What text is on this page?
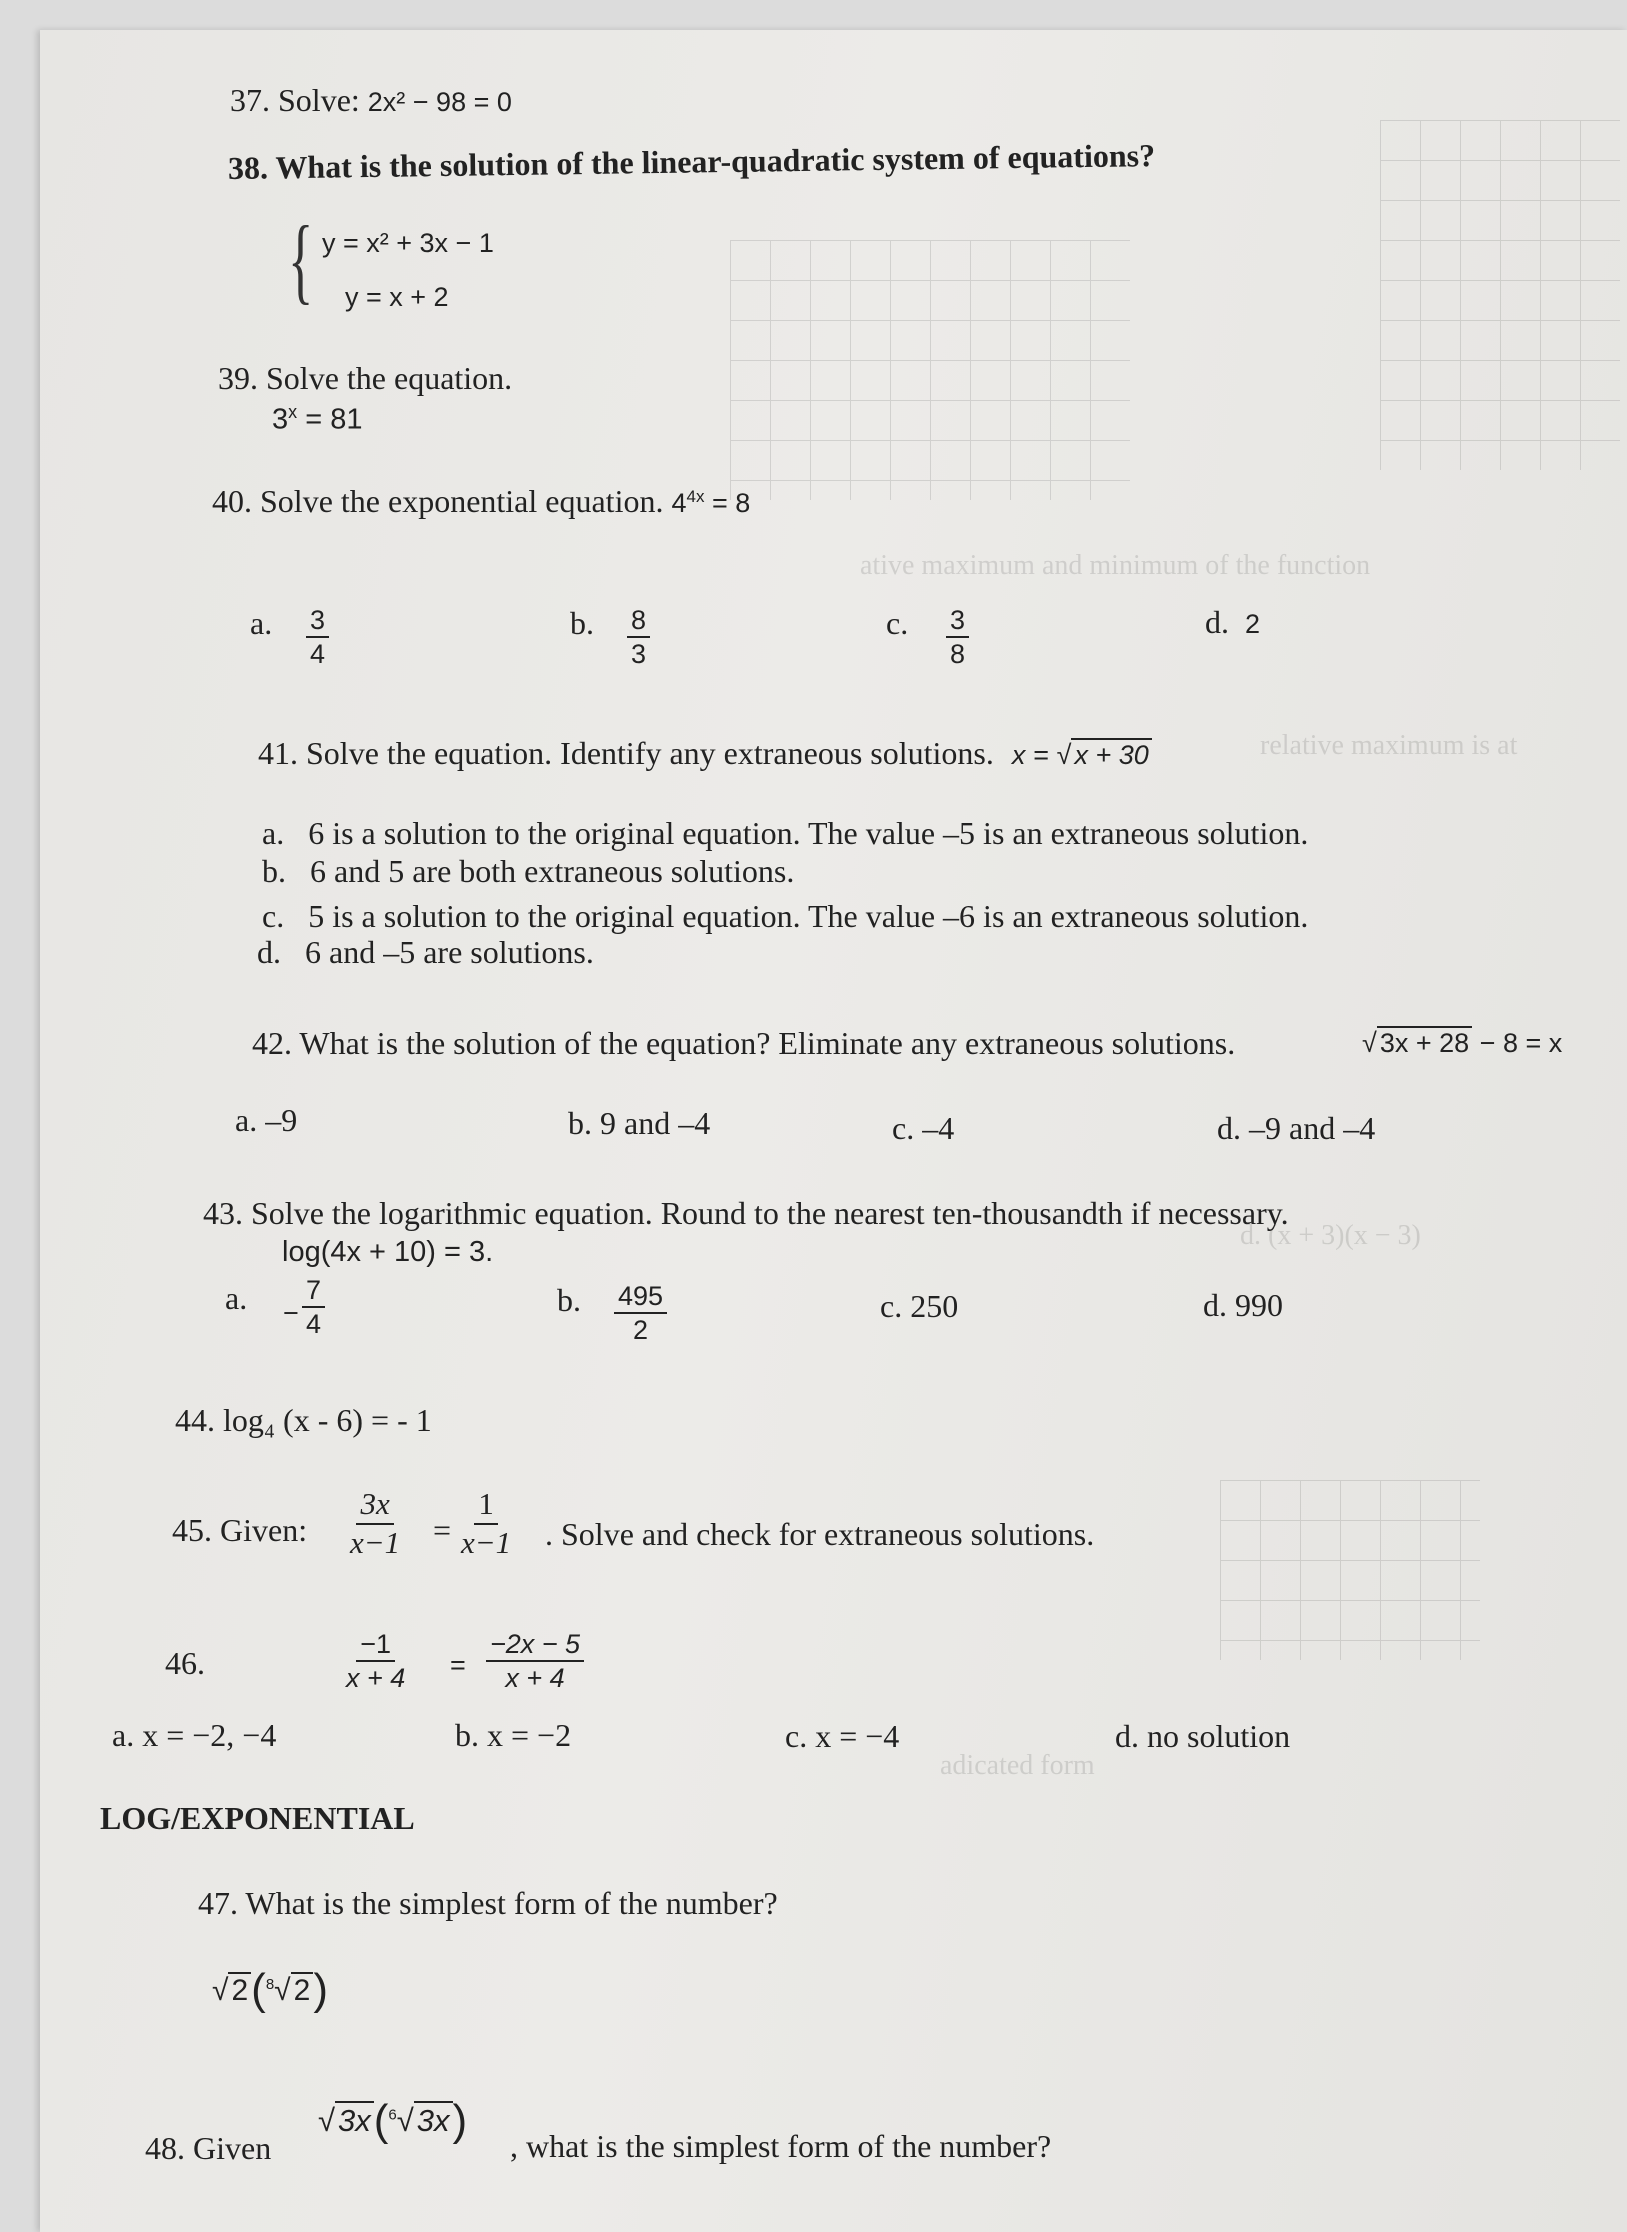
ative maximum and minimum of the function
relative maximum is at
d. (x + 3)(x − 3)
adicated form
37. Solve: 2x² − 98 = 0
38. What is the solution of the linear-quadratic system of equations?
{ y = x² + 3x − 1
y = x + 2
39. Solve the equation.
$3^x = 81$
40. Solve the exponential equation. $4^{4x} = 8$
a. $\frac{3}{4}$	b. $\frac{8}{3}$	c. $\frac{3}{8}$	d. 2
41. Solve the equation. Identify any extraneous solutions. x = √ x + 30
a. 6 is a solution to the original equation. The value –5 is an extraneous solution.
b. 6 and 5 are both extraneous solutions.
c. 5 is a solution to the original equation. The value –6 is an extraneous solution.
d. 6 and –5 are solutions.
42. What is the solution of the equation? Eliminate any extraneous solutions.	√ 3x + 28 − 8 = x
a. –9	b. 9 and –4	c. –4	d. –9 and –4
43. Solve the logarithmic equation. Round to the nearest ten-thousandth if necessary.
log(4x + 10) = 3.
a. − $\frac{7}{4}$	b. $\frac{495}{2}$	c. 250	d. 990
44. log₄ (x - 6) = - 1
45. Given: $\frac{3x}{x-1} = \frac{1}{x-1}$ . Solve and check for extraneous solutions.
46.	$\frac{-1}{x + 4} = \frac{-2x - 5}{x + 4}$
a. x = −2, −4	b. x = −2	c. x = −4	d. no solution
LOG/EXPONENTIAL
47. What is the simplest form of the number?
√ 2($^8$√ 2)
48. Given
√3x($^6$√3x)
, what is the simplest form of the number?
